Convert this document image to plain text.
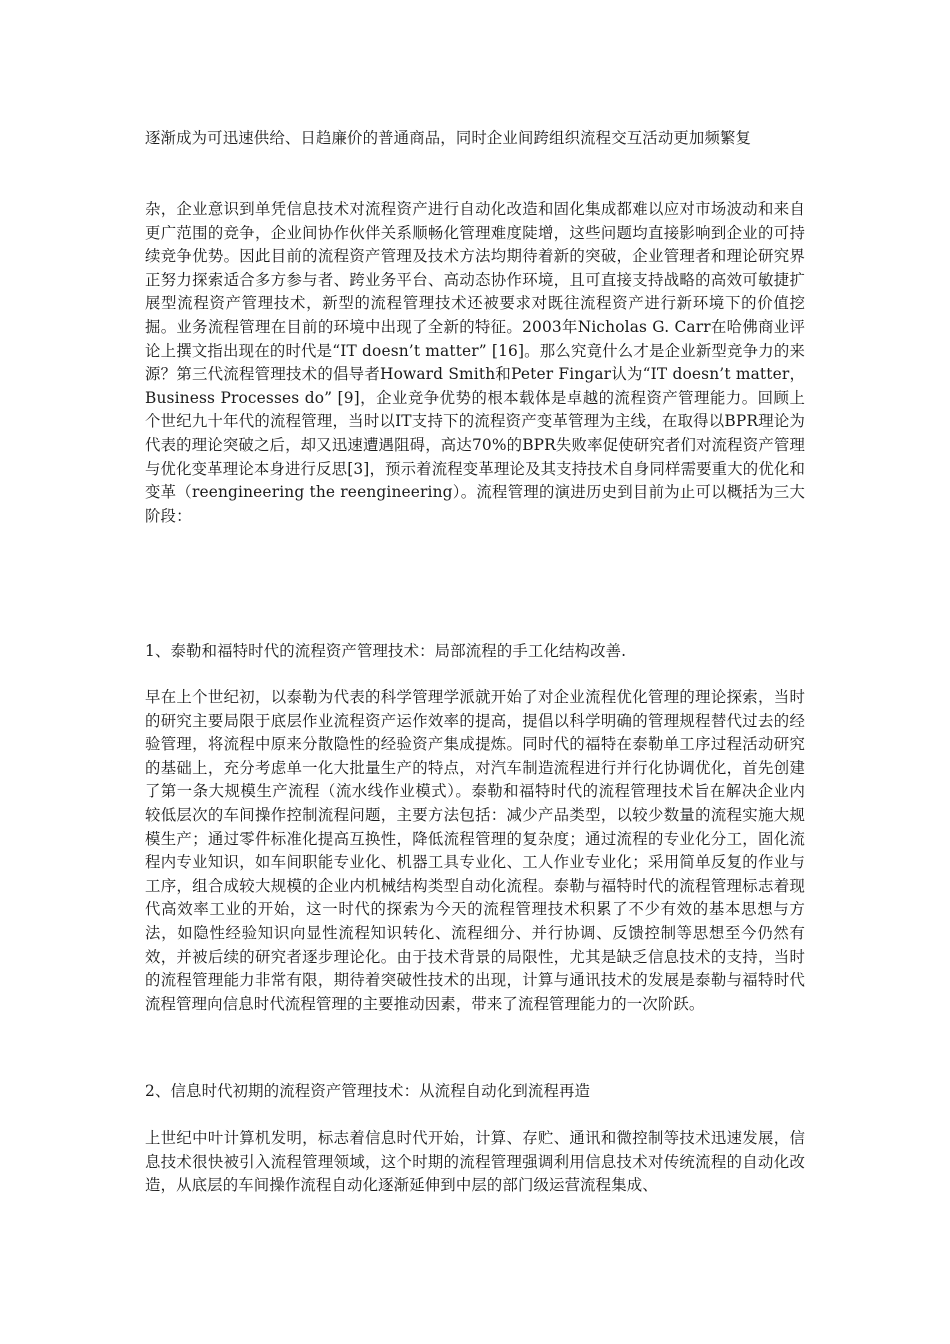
逐渐成为可迅速供给、日趋廉价的普通商品，同时企业间跨组织流程交互活动更加频繁复

杂，企业意识到单凭信息技术对流程资产进行自动化改造和固化集成都难以应对市场波动和来自更广范围的竞争，企业间协作伙伴关系顺畅化管理难度陡增，这些问题均直接影响到企业的可持续竞争优势。因此目前的流程资产管理及技术方法均期待着新的突破，企业管理者和理论研究界正努力探索适合多方参与者、跨业务平台、高动态协作环境，且可直接支持战略的高效可敏捷扩展型流程资产管理技术，新型的流程管理技术还被要求对既往流程资产进行新环境下的价值挖掘。业务流程管理在目前的环境中出现了全新的特征。2003年Nicholas G. Carr在哈佛商业评论上撰文指出现在的时代是“IT doesn’t matter” [16]。那么究竟什么才是企业新型竞争力的来源？第三代流程管理技术的倡导者Howard Smith和Peter Fingar认为“IT doesn’t matter，Business Processes do” [9]，企业竞争优势的根本载体是卓越的流程资产管理能力。回顾上个世纪九十年代的流程管理，当时以IT支持下的流程资产变革管理为主线，在取得以BPR理论为代表的理论突破之后，却又迅速遭遇阻碍，高达70%的BPR失败率促使研究者们对流程资产管理与优化变革理论本身进行反思[3]，预示着流程变革理论及其支持技术自身同样需要重大的优化和变革（reengineering the reengineering）。流程管理的演进历史到目前为止可以概括为三大阶段：

1、泰勒和福特时代的流程资产管理技术：局部流程的手工化结构改善.

早在上个世纪初，以泰勒为代表的科学管理学派就开始了对企业流程优化管理的理论探索，当时的研究主要局限于底层作业流程资产运作效率的提高，提倡以科学明确的管理规程替代过去的经验管理，将流程中原来分散隐性的经验资产集成提炼。同时代的福特在泰勒单工序过程活动研究的基础上，充分考虑单一化大批量生产的特点，对汽车制造流程进行并行化协调优化，首先创建了第一条大规模生产流程（流水线作业模式）。泰勒和福特时代的流程管理技术旨在解决企业内较低层次的车间操作控制流程问题，主要方法包括：减少产品类型，以较少数量的流程实施大规模生产；通过零件标准化提高互换性，降低流程管理的复杂度；通过流程的专业化分工，固化流程内专业知识，如车间职能专业化、机器工具专业化、工人作业专业化；采用简单反复的作业与工序，组合成较大规模的企业内机械结构类型自动化流程。泰勒与福特时代的流程管理标志着现代高效率工业的开始，这一时代的探索为今天的流程管理技术积累了不少有效的基本思想与方法，如隐性经验知识向显性流程知识转化、流程细分、并行协调、反馈控制等思想至今仍然有效，并被后续的研究者逐步理论化。由于技术背景的局限性，尤其是缺乏信息技术的支持，当时的流程管理能力非常有限，期待着突破性技术的出现，计算与通讯技术的发展是泰勒与福特时代流程管理向信息时代流程管理的主要推动因素，带来了流程管理能力的一次阶跃。

2、信息时代初期的流程资产管理技术：从流程自动化到流程再造

上世纪中叶计算机发明，标志着信息时代开始，计算、存贮、通讯和微控制等技术迅速发展，信息技术很快被引入流程管理领域，这个时期的流程管理强调利用信息技术对传统流程的自动化改造，从底层的车间操作流程自动化逐渐延伸到中层的部门级运营流程集成、
